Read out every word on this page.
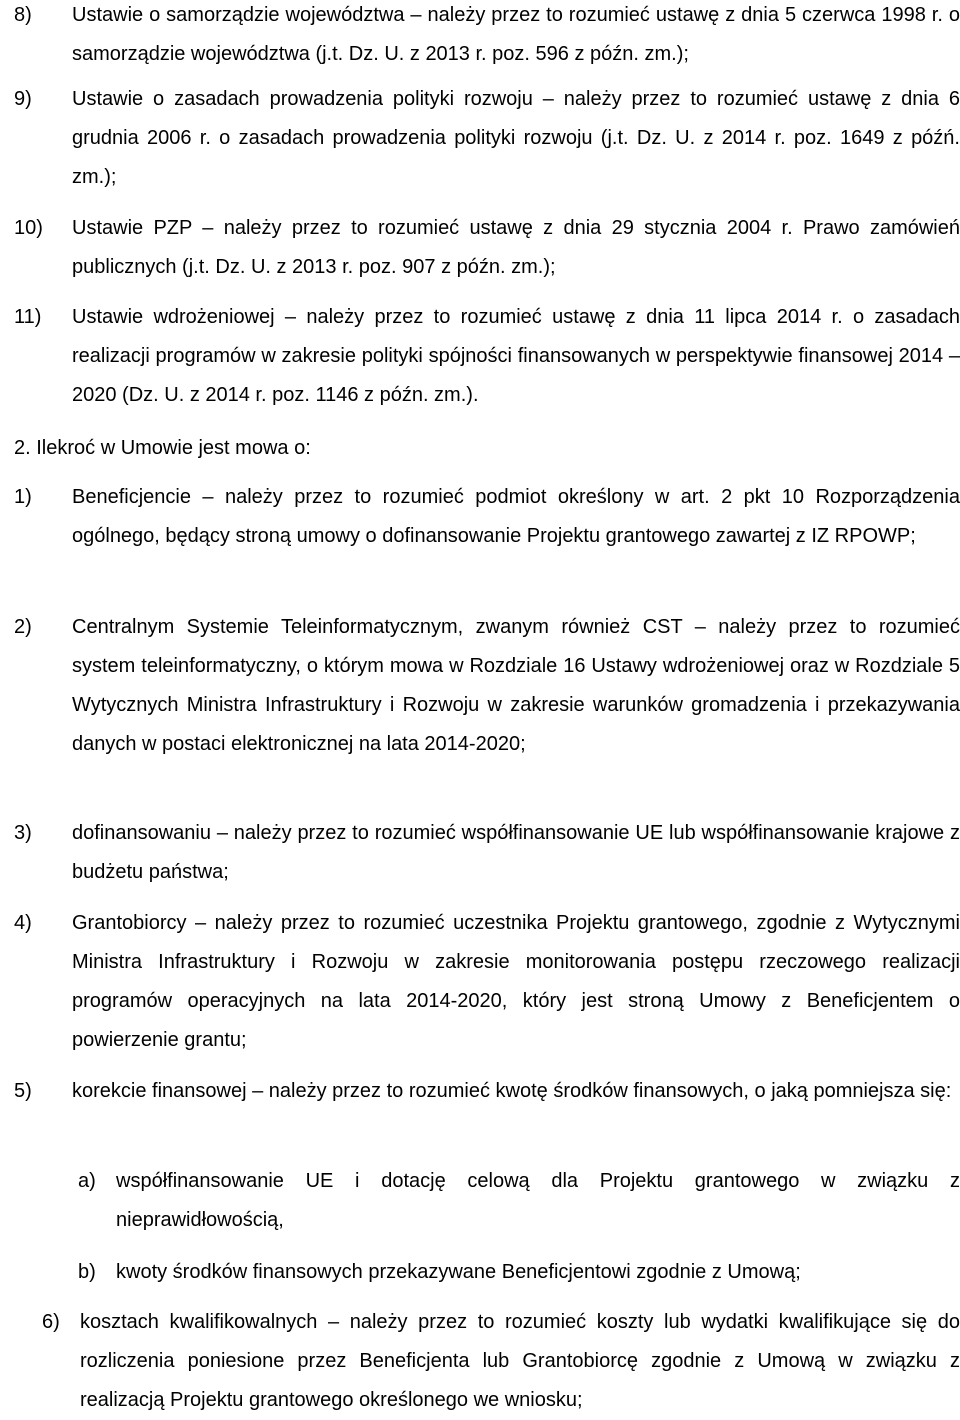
8)	Ustawie o samorządzie województwa – należy przez to rozumieć ustawę z dnia 5 czerwca 1998 r. o samorządzie województwa (j.t. Dz. U. z 2013 r. poz. 596 z późn. zm.);
9)	Ustawie o zasadach prowadzenia polityki rozwoju – należy przez to rozumieć ustawę z dnia 6 grudnia 2006 r. o zasadach prowadzenia polityki rozwoju (j.t. Dz. U. z 2014 r. poz. 1649 z późń. zm.);
10)	Ustawie PZP – należy przez to rozumieć ustawę z dnia 29 stycznia 2004 r. Prawo zamówień publicznych (j.t. Dz. U. z 2013 r. poz. 907 z późn. zm.);
11)	Ustawie wdrożeniowej – należy przez to rozumieć ustawę z dnia 11 lipca 2014 r. o zasadach realizacji programów w zakresie polityki spójności finansowanych w perspektywie finansowej 2014 – 2020 (Dz. U. z 2014 r. poz. 1146 z późn. zm.).
2. Ilekroć w Umowie jest mowa o:
1)	Beneficjencie – należy przez to rozumieć podmiot określony w art. 2 pkt 10 Rozporządzenia ogólnego, będący stroną umowy o dofinansowanie Projektu grantowego zawartej z IZ RPOWP;
2)	Centralnym Systemie Teleinformatycznym, zwanym również CST – należy przez to rozumieć system teleinformatyczny, o którym mowa w Rozdziale 16 Ustawy wdrożeniowej oraz w Rozdziale 5 Wytycznych Ministra Infrastruktury i Rozwoju w zakresie warunków gromadzenia i przekazywania danych w postaci elektronicznej na lata 2014-2020;
3)	dofinansowaniu – należy przez to rozumieć współfinansowanie UE lub współfinansowanie krajowe z budżetu państwa;
4)	Grantobiorcy – należy przez to rozumieć uczestnika Projektu grantowego, zgodnie z Wytycznymi Ministra Infrastruktury i Rozwoju w zakresie monitorowania postępu rzeczowego realizacji programów operacyjnych na lata 2014-2020, który jest stroną Umowy z Beneficjentem o powierzenie grantu;
5)	korekcie finansowej – należy przez to rozumieć kwotę środków finansowych, o jaką pomniejsza się:
a)	współfinansowanie UE i dotację celową dla Projektu grantowego w związku z nieprawidłowością,
b)	kwoty środków finansowych przekazywane Beneficjentowi zgodnie z Umową;
6)	kosztach kwalifikowalnych – należy przez to rozumieć koszty lub wydatki kwalifikujące się do rozliczenia poniesione przez Beneficjenta lub Grantobiorcę zgodnie z Umową w związku z realizacją Projektu grantowego określonego we wniosku;
